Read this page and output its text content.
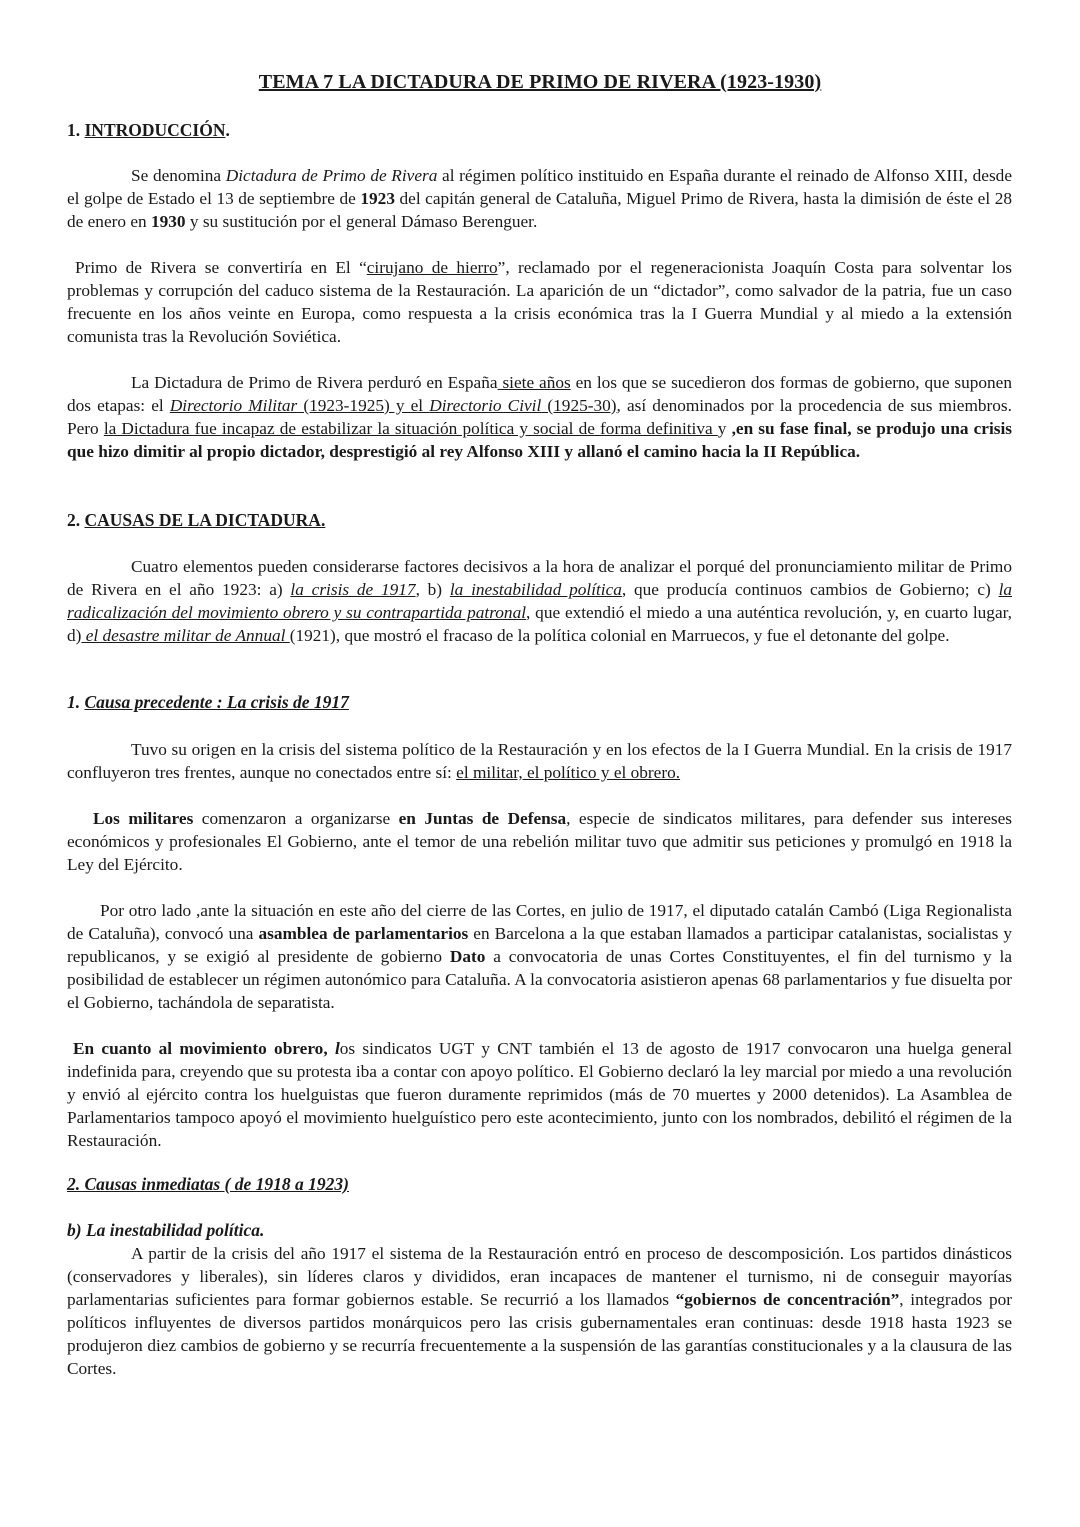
TEMA 7 LA DICTADURA DE PRIMO DE RIVERA (1923-1930)
1. INTRODUCCIÓN.

Se denomina Dictadura de Primo de Rivera al régimen político instituido en España durante el reinado de Alfonso XIII, desde el golpe de Estado el 13 de septiembre de 1923 del capitán general de Cataluña, Miguel Primo de Rivera, hasta la dimisión de éste el 28 de enero en 1930 y su sustitución por el general Dámaso Berenguer.

Primo de Rivera se convertiría en El “cirujano de hierro”, reclamado por el regeneracionista Joaquín Costa para solventar los problemas y corrupción del caduco sistema de la Restauración. La aparición de un “dictador”, como salvador de la patria, fue un caso frecuente en los años veinte en Europa, como respuesta a la crisis económica tras la I Guerra Mundial y al miedo a la extensión comunista tras la Revolución Soviética.

La Dictadura de Primo de Rivera perduró en España siete años en los que se sucedieron dos formas de gobierno, que suponen dos etapas: el Directorio Militar (1923-1925) y el Directorio Civil (1925-30), así denominados por la procedencia de sus miembros. Pero la Dictadura fue incapaz de estabilizar la situación política y social de forma definitiva y ,en su fase final, se produjo una crisis que hizo dimitir al propio dictador, desprestigió al rey Alfonso XIII y allanó el camino hacia la II República.

2. CAUSAS DE LA DICTADURA.

Cuatro elementos pueden considerarse factores decisivos a la hora de analizar el porqué del pronunciamiento militar de Primo de Rivera en el año 1923: a) la crisis de 1917, b) la inestabilidad política, que producía continuos cambios de Gobierno; c) la radicalización del movimiento obrero y su contrapartida patronal, que extendió el miedo a una auténtica revolución, y, en cuarto lugar, d) el desastre militar de Annual (1921), que mostró el fracaso de la política colonial en Marruecos, y fue el detonante del golpe.

1. Causa precedente : La crisis de 1917

Tuvo su origen en la crisis del sistema político de la Restauración y en los efectos de la I Guerra Mundial. En la crisis de 1917 confluyeron tres frentes, aunque no conectados entre sí: el militar, el político y el obrero.

Los militares comenzaron a organizarse en Juntas de Defensa, especie de sindicatos militares, para defender sus intereses económicos y profesionales El Gobierno, ante el temor de una rebelión militar tuvo que admitir sus peticiones y promulgó en 1918 la Ley del Ejército.

Por otro lado ,ante la situación en este año del cierre de las Cortes, en julio de 1917, el diputado catalán Cambó (Liga Regionalista de Cataluña), convocó una asamblea de parlamentarios en Barcelona a la que estaban llamados a participar catalanistas, socialistas y republicanos, y se exigió al presidente de gobierno Dato a convocatoria de unas Cortes Constituyentes, el fin del turnismo y la posibilidad de establecer un régimen autonómico para Cataluña. A la convocatoria asistieron apenas 68 parlamentarios y fue disuelta por el Gobierno, tachándola de separatista.

En cuanto al movimiento obrero, los sindicatos UGT y CNT también el 13 de agosto de 1917 convocaron una huelga general indefinida para, creyendo que su protesta iba a contar con apoyo político. El Gobierno declaró la ley marcial por miedo a una revolución y envió al ejército contra los huelguistas que fueron duramente reprimidos (más de 70 muertes y 2000 detenidos). La Asamblea de Parlamentarios tampoco apoyó el movimiento huelguístico pero este acontecimiento, junto con los nombrados, debilitó el régimen de la Restauración.

2. Causas inmediatas ( de 1918 a 1923)
b) La inestabilidad política.

A partir de la crisis del año 1917 el sistema de la Restauración entró en proceso de descomposición. Los partidos dinásticos (conservadores y liberales), sin líderes claros y divididos, eran incapaces de mantener el turnismo, ni de conseguir mayorías parlamentarias suficientes para formar gobiernos estable. Se recurrió a los llamados “gobiernos de concentración”, integrados por políticos influyentes de diversos partidos monárquicos pero las crisis gubernamentales eran continuas: desde 1918 hasta 1923 se produjeron diez cambios de gobierno y se recurría frecuentemente a la suspensión de las garantías constitucionales y a la clausura de las Cortes.
